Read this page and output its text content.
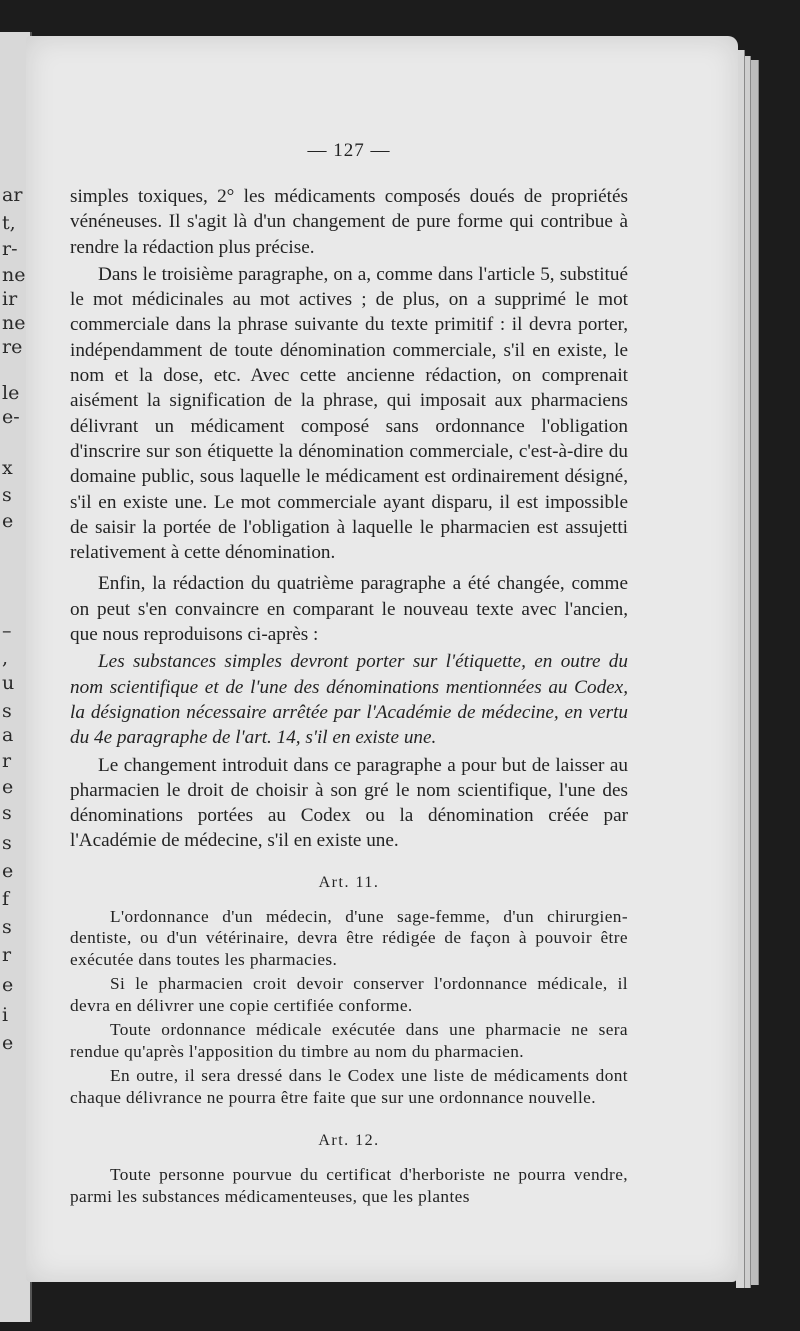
ar
t,
r-
ne
ir
ne
re
le
e-
x
s
e
–
,
u
s
a
r
e
s
s
e
f
s
r
e
i
e
— 127 —

simples toxiques, 2° les médicaments composés doués de propriétés vénéneuses. Il s'agit là d'un changement de pure forme qui contribue à rendre la rédaction plus précise.

Dans le troisième paragraphe, on a, comme dans l'article 5, substitué le mot médicinales au mot actives ; de plus, on a supprimé le mot commerciale dans la phrase suivante du texte primitif : il devra porter, indépendamment de toute dénomination commerciale, s'il en existe, le nom et la dose, etc. Avec cette ancienne rédaction, on comprenait aisément la signification de la phrase, qui imposait aux pharmaciens délivrant un médicament composé sans ordonnance l'obligation d'inscrire sur son étiquette la dénomination commerciale, c'est-à-dire du domaine public, sous laquelle le médicament est ordinairement désigné, s'il en existe une. Le mot commerciale ayant disparu, il est impossible de saisir la portée de l'obligation à laquelle le pharmacien est assujetti relativement à cette dénomination.

Enfin, la rédaction du quatrième paragraphe a été changée, comme on peut s'en convaincre en comparant le nouveau texte avec l'ancien, que nous reproduisons ci-après :

Les substances simples devront porter sur l'étiquette, en outre du nom scientifique et de l'une des dénominations mentionnées au Codex, la désignation nécessaire arrêtée par l'Académie de médecine, en vertu du 4e paragraphe de l'art. 14, s'il en existe une.

Le changement introduit dans ce paragraphe a pour but de laisser au pharmacien le droit de choisir à son gré le nom scientifique, l'une des dénominations portées au Codex ou la dénomination créée par l'Académie de médecine, s'il en existe une.

Art. 11.

L'ordonnance d'un médecin, d'une sage-femme, d'un chirurgien-dentiste, ou d'un vétérinaire, devra être rédigée de façon à pouvoir être exécutée dans toutes les pharmacies.

Si le pharmacien croit devoir conserver l'ordonnance médicale, il devra en délivrer une copie certifiée conforme.

Toute ordonnance médicale exécutée dans une pharmacie ne sera rendue qu'après l'apposition du timbre au nom du pharmacien.

En outre, il sera dressé dans le Codex une liste de médicaments dont chaque délivrance ne pourra être faite que sur une ordonnance nouvelle.

Art. 12.

Toute personne pourvue du certificat d'herboriste ne pourra vendre, parmi les substances médicamenteuses, que les plantes
